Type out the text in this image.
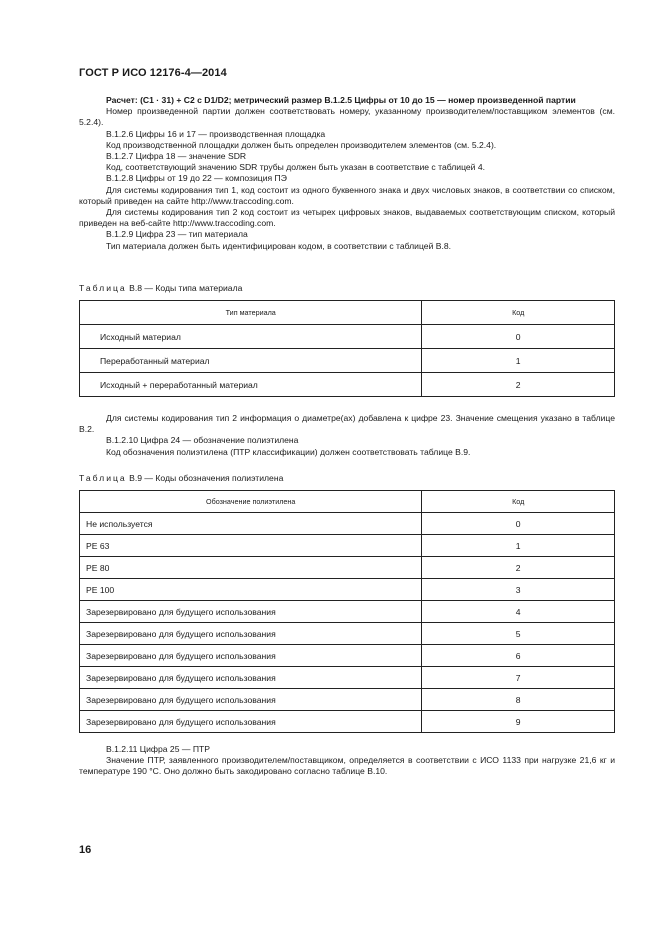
ГОСТ Р ИСО 12176-4—2014

Расчет: (C1 · 31) + C2 с D1/D2; метрический размер В.1.2.5 Цифры от 10 до 15 — номер произведенной партии

Номер произведенной партии должен соответствовать номеру, указанному производителем/поставщиком элементов (см. 5.2.4).

В.1.2.6 Цифры 16 и 17 — производственная площадка

Код производственной площадки должен быть определен производителем элементов (см. 5.2.4).

В.1.2.7 Цифра 18 — значение SDR

Код, соответствующий значению SDR трубы должен быть указан в соответствие с таблицей 4.

В.1.2.8 Цифры от 19 до 22 — композиция ПЭ

Для системы кодирования тип 1, код состоит из одного буквенного знака и двух числовых знаков, в соответствии со списком, который приведен на сайте http://www.traccoding.com.

Для системы кодирования тип 2 код состоит из четырех цифровых знаков, выдаваемых соответствующим списком, который приведен на веб-сайте http://www.traccoding.com.

В.1.2.9 Цифра 23 — тип материала

Тип материала должен быть идентифицирован кодом, в соответствии с таблицей В.8.

Таблица В.8 — Коды типа материала
Тип материала	Код
Исходный материал	0
Переработанный материал	1
Исходный + переработанный материал	2

Для системы кодирования тип 2 информация о диаметре(ах) добавлена к цифре 23. Значение смещения указано в таблице В.2.

В.1.2.10 Цифра 24 — обозначение полиэтилена

Код обозначения полиэтилена (ПТР классификации) должен соответствовать таблице В.9.

Таблица В.9 — Коды обозначения полиэтилена
Обозначение полиэтилена	Код
Не используется	0
PE 63	1
PE 80	2
PE 100	3
Зарезервировано для будущего использования	4
Зарезервировано для будущего использования	5
Зарезервировано для будущего использования	6
Зарезервировано для будущего использования	7
Зарезервировано для будущего использования	8
Зарезервировано для будущего использования	9

В.1.2.11 Цифра 25 — ПТР

Значение ПТР, заявленного производителем/поставщиком, определяется в соответствии с ИСО 1133 при нагрузке 21,6 кг и температуре 190 °С. Оно должно быть закодировано согласно таблице В.10.

16
